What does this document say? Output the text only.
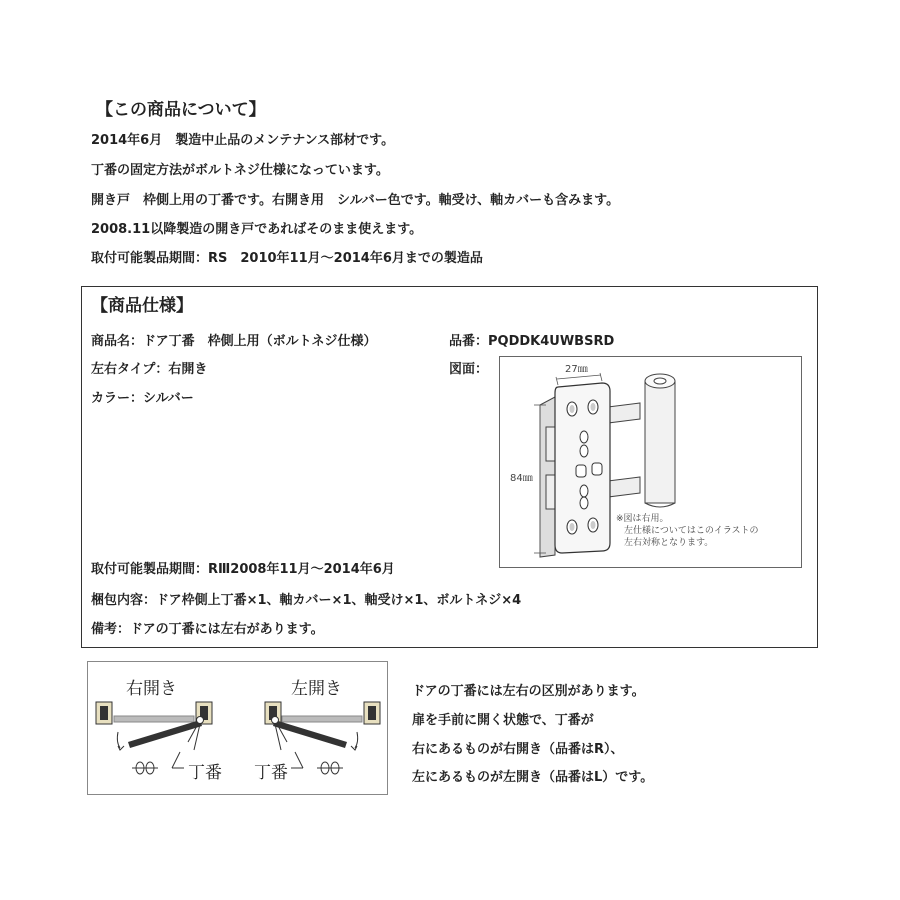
【この商品について】
2014年6月　製造中止品のメンテナンス部材です。
丁番の固定方法がボルトネジ仕様になっています。
開き戸　枠側上用の丁番です。右開き用　シルバー色です。軸受け、軸カバーも含みます。
2008.11以降製造の開き戸であればそのまま使えます。
取付可能製品期間：RS　2010年11月～2014年6月までの製造品
【商品仕様】
商品名：ドア丁番　枠側上用（ボルトネジ仕様）	品番：PQDDK4UWBSRD
左右タイプ：右開き	図面：
カラー：シルバー
取付可能製品期間：RⅢ2008年11月～2014年6月
梱包内容：ドア枠側上丁番×1、軸カバー×1、軸受け×1、ボルトネジ×4
備考：ドアの丁番には左右があります。
27㎜
84㎜
※図は右用。
左仕様についてはこのイラストの
左右対称となります。
右開き	左開き
丁番 丁番
ドアの丁番には左右の区別があります。
扉を手前に開く状態で、丁番が
右にあるものが右開き（品番はR）、
左にあるものが左開き（品番はL）です。
